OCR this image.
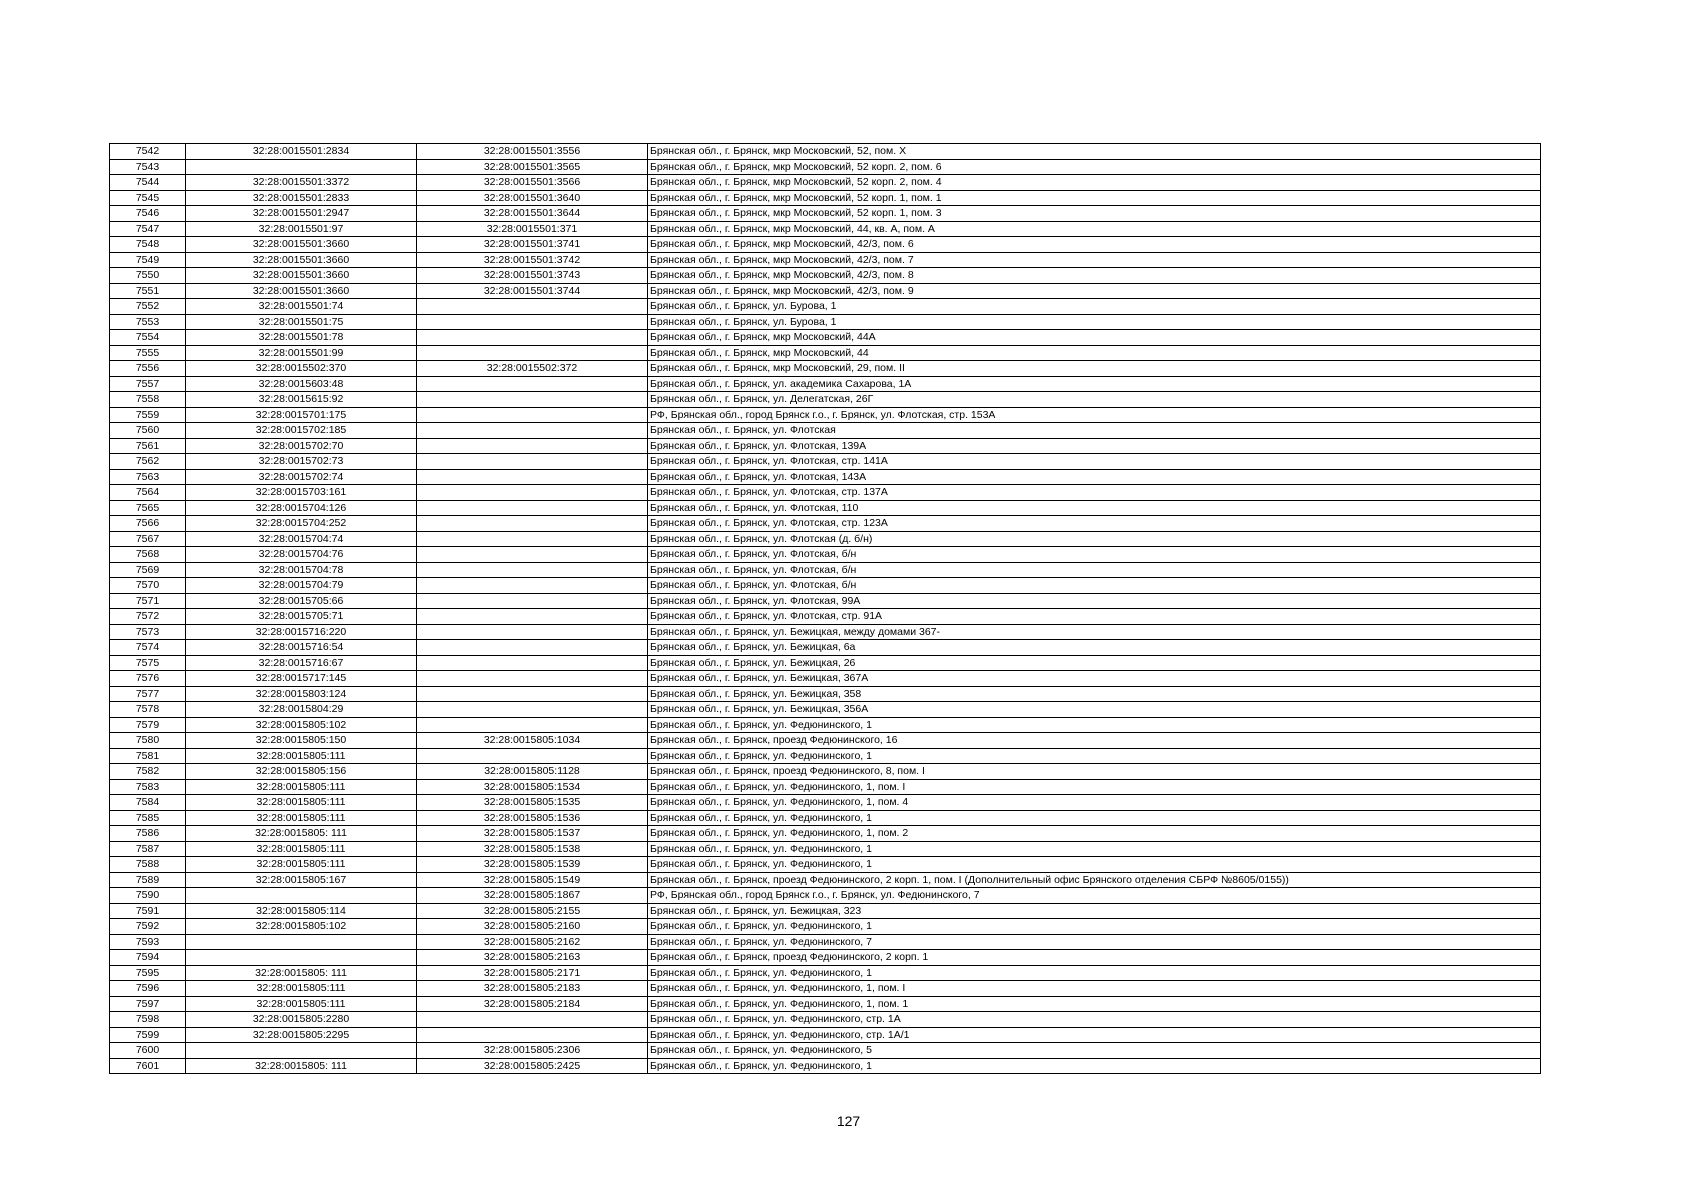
7542	32:28:0015501:2834	32:28:0015501:3556	Брянская обл., г. Брянск, мкр Московский, 52, пом. X
7543		32:28:0015501:3565	Брянская обл., г. Брянск, мкр Московский, 52 корп. 2, пом. 6
7544	32:28:0015501:3372	32:28:0015501:3566	Брянская обл., г. Брянск, мкр Московский, 52 корп. 2, пом. 4
7545	32:28:0015501:2833	32:28:0015501:3640	Брянская обл., г. Брянск, мкр Московский, 52 корп. 1, пом. 1
7546	32:28:0015501:2947	32:28:0015501:3644	Брянская обл., г. Брянск, мкр Московский, 52 корп. 1, пом. 3
7547	32:28:0015501:97	32:28:0015501:371	Брянская обл., г. Брянск, мкр Московский, 44, кв. А, пом. А
7548	32:28:0015501:3660	32:28:0015501:3741	Брянская обл., г. Брянск, мкр Московский, 42/3, пом. 6
7549	32:28:0015501:3660	32:28:0015501:3742	Брянская обл., г. Брянск, мкр Московский, 42/3, пом. 7
7550	32:28:0015501:3660	32:28:0015501:3743	Брянская обл., г. Брянск, мкр Московский, 42/3, пом. 8
7551	32:28:0015501:3660	32:28:0015501:3744	Брянская обл., г. Брянск, мкр Московский, 42/3, пом. 9
7552	32:28:0015501:74		Брянская обл., г. Брянск, ул. Бурова, 1
7553	32:28:0015501:75		Брянская обл., г. Брянск, ул. Бурова, 1
7554	32:28:0015501:78		Брянская обл., г. Брянск, мкр Московский, 44А
7555	32:28:0015501:99		Брянская обл., г. Брянск, мкр Московский, 44
7556	32:28:0015502:370	32:28:0015502:372	Брянская обл., г. Брянск, мкр Московский, 29, пом. II
7557	32:28:0015603:48		Брянская обл., г. Брянск, ул. академика Сахарова, 1А
7558	32:28:0015615:92		Брянская обл., г. Брянск, ул. Делегатская, 26Г
7559	32:28:0015701:175		РФ, Брянская обл., город Брянск г.о., г. Брянск, ул. Флотская, стр. 153А
7560	32:28:0015702:185		Брянская обл., г. Брянск, ул. Флотская
7561	32:28:0015702:70		Брянская обл., г. Брянск, ул. Флотская, 139А
7562	32:28:0015702:73		Брянская обл., г. Брянск, ул. Флотская, стр. 141А
7563	32:28:0015702:74		Брянская обл., г. Брянск, ул. Флотская, 143А
7564	32:28:0015703:161		Брянская обл., г. Брянск, ул. Флотская, стр. 137А
7565	32:28:0015704:126		Брянская обл., г. Брянск, ул. Флотская, 110
7566	32:28:0015704:252		Брянская обл., г. Брянск, ул. Флотская, стр. 123А
7567	32:28:0015704:74		Брянская обл., г. Брянск, ул. Флотская (д. б/н)
7568	32:28:0015704:76		Брянская обл., г. Брянск, ул. Флотская, б/н
7569	32:28:0015704:78		Брянская обл., г. Брянск, ул. Флотская, б/н
7570	32:28:0015704:79		Брянская обл., г. Брянск, ул. Флотская, б/н
7571	32:28:0015705:66		Брянская обл., г. Брянск, ул. Флотская, 99А
7572	32:28:0015705:71		Брянская обл., г. Брянск, ул. Флотская, стр. 91А
7573	32:28:0015716:220		Брянская обл., г. Брянск, ул. Бежицкая, между домами 367-
7574	32:28:0015716:54		Брянская обл., г. Брянск, ул. Бежицкая, 6а
7575	32:28:0015716:67		Брянская обл., г. Брянск, ул. Бежицкая, 26
7576	32:28:0015717:145		Брянская обл., г. Брянск, ул. Бежицкая, 367А
7577	32:28:0015803:124		Брянская обл., г. Брянск, ул. Бежицкая, 358
7578	32:28:0015804:29		Брянская обл., г. Брянск, ул. Бежицкая, 356А
7579	32:28:0015805:102		Брянская обл., г. Брянск, ул. Федюнинского, 1
7580	32:28:0015805:150	32:28:0015805:1034	Брянская обл., г. Брянск, проезд Федюнинского, 16
7581	32:28:0015805:111		Брянская обл., г. Брянск, ул. Федюнинского, 1
7582	32:28:0015805:156	32:28:0015805:1128	Брянская обл., г. Брянск, проезд Федюнинского, 8, пом. I
7583	32:28:0015805:111	32:28:0015805:1534	Брянская обл., г. Брянск, ул. Федюнинского, 1, пом. I
7584	32:28:0015805:111	32:28:0015805:1535	Брянская обл., г. Брянск, ул. Федюнинского, 1, пом. 4
7585	32:28:0015805:111	32:28:0015805:1536	Брянская обл., г. Брянск, ул. Федюнинского, 1
7586	32:28:0015805: 111	32:28:0015805:1537	Брянская обл., г. Брянск, ул. Федюнинского, 1, пом. 2
7587	32:28:0015805:111	32:28:0015805:1538	Брянская обл., г. Брянск, ул. Федюнинского, 1
7588	32:28:0015805:111	32:28:0015805:1539	Брянская обл., г. Брянск, ул. Федюнинского, 1
7589	32:28:0015805:167	32:28:0015805:1549	Брянская обл., г. Брянск, проезд Федюнинского, 2 корп. 1, пом. I (Дополнительный офис Брянского отделения СБРФ №8605/0155))
7590		32:28:0015805:1867	РФ, Брянская обл., город Брянск г.о., г. Брянск, ул. Федюнинского, 7
7591	32:28:0015805:114	32:28:0015805:2155	Брянская обл., г. Брянск, ул. Бежицкая, 323
7592	32:28:0015805:102	32:28:0015805:2160	Брянская обл., г. Брянск, ул. Федюнинского, 1
7593		32:28:0015805:2162	Брянская обл., г. Брянск, ул. Федюнинского, 7
7594		32:28:0015805:2163	Брянская обл., г. Брянск, проезд Федюнинского, 2 корп. 1
7595	32:28:0015805: 111	32:28:0015805:2171	Брянская обл., г. Брянск, ул. Федюнинского, 1
7596	32:28:0015805:111	32:28:0015805:2183	Брянская обл., г. Брянск, ул. Федюнинского, 1, пом. I
7597	32:28:0015805:111	32:28:0015805:2184	Брянская обл., г. Брянск, ул. Федюнинского, 1, пом. 1
7598	32:28:0015805:2280		Брянская обл., г. Брянск, ул. Федюнинского, стр. 1А
7599	32:28:0015805:2295		Брянская обл., г. Брянск, ул. Федюнинского, стр. 1А/1
7600		32:28:0015805:2306	Брянская обл., г. Брянск, ул. Федюнинского, 5
7601	32:28:0015805: 111	32:28:0015805:2425	Брянская обл., г. Брянск, ул. Федюнинского, 1
127
